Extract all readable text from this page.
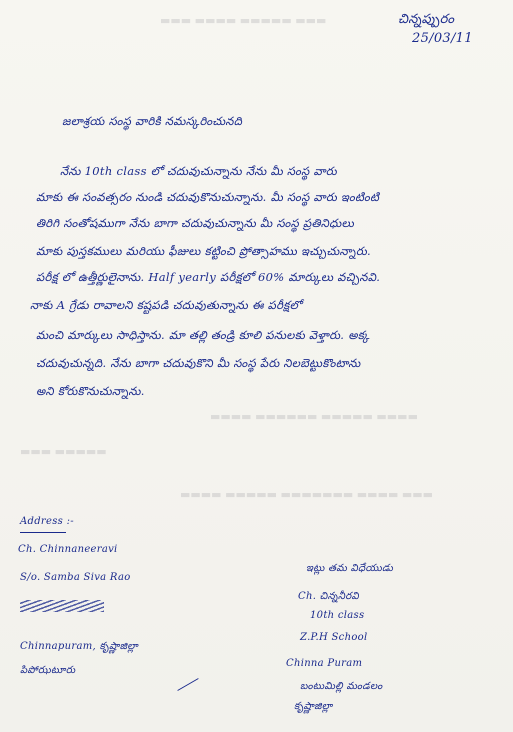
▬▬▬ ▬▬▬▬ ▬▬▬▬▬ ▬▬▬
▬▬▬▬ ▬▬▬▬▬▬ ▬▬▬▬▬ ▬▬▬▬
▬▬▬ ▬▬▬▬▬
▬▬▬▬ ▬▬▬▬▬ ▬▬▬▬▬▬▬ ▬▬▬▬ ▬▬▬
చిన్నప్పురం
25/03/11
జలాశ్రయ సంస్థ వారికి నమస్కరించునది
నేను 10th class లో చదువుచున్నాను నేను మీ సంస్థ వారు
మాకు ఈ సంవత్సరం నుండి చదువుకొనుచున్నాను. మీ సంస్థ వారు ఇంటింటి
తిరిగి సంతోషముగా నేను బాగా చదువుచున్నాను మీ సంస్థ ప్రతినిధులు
మాకు పుస్తకములు మరియు ఫీజులు కట్టించి ప్రోత్సాహము ఇచ్చుచున్నారు.
పరీక్ష లో ఉత్తీర్ణులైనాను. Half yearly పరీక్షలో 60% మార్కులు వచ్చినవి.
నాకు A గ్రేడు రావాలని కష్టపడి చదువుతున్నాను ఈ పరీక్షలో
మంచి మార్కులు సాధిస్తాను. మా తల్లి తండ్రి కూలి పనులకు వెళ్తారు. అక్క
చదువుచున్నది. నేను బాగా చదువుకొని మీ సంస్థ పేరు నిలబెట్టుకొంటాను
అని కోరుకొనుచున్నాను.
Address :-
Ch. Chinnaneeravi
S/o. Samba Siva Rao
Chinnapuram, కృష్ణాజిల్లా
పిపోఝటూరు
ఇట్లు తమ విధేయుడు
Ch. చిన్ననీరవి
10th class
Z.P.H School
Chinna Puram
బంటుమిల్లి మండలం
కృష్ణాజిల్లా
